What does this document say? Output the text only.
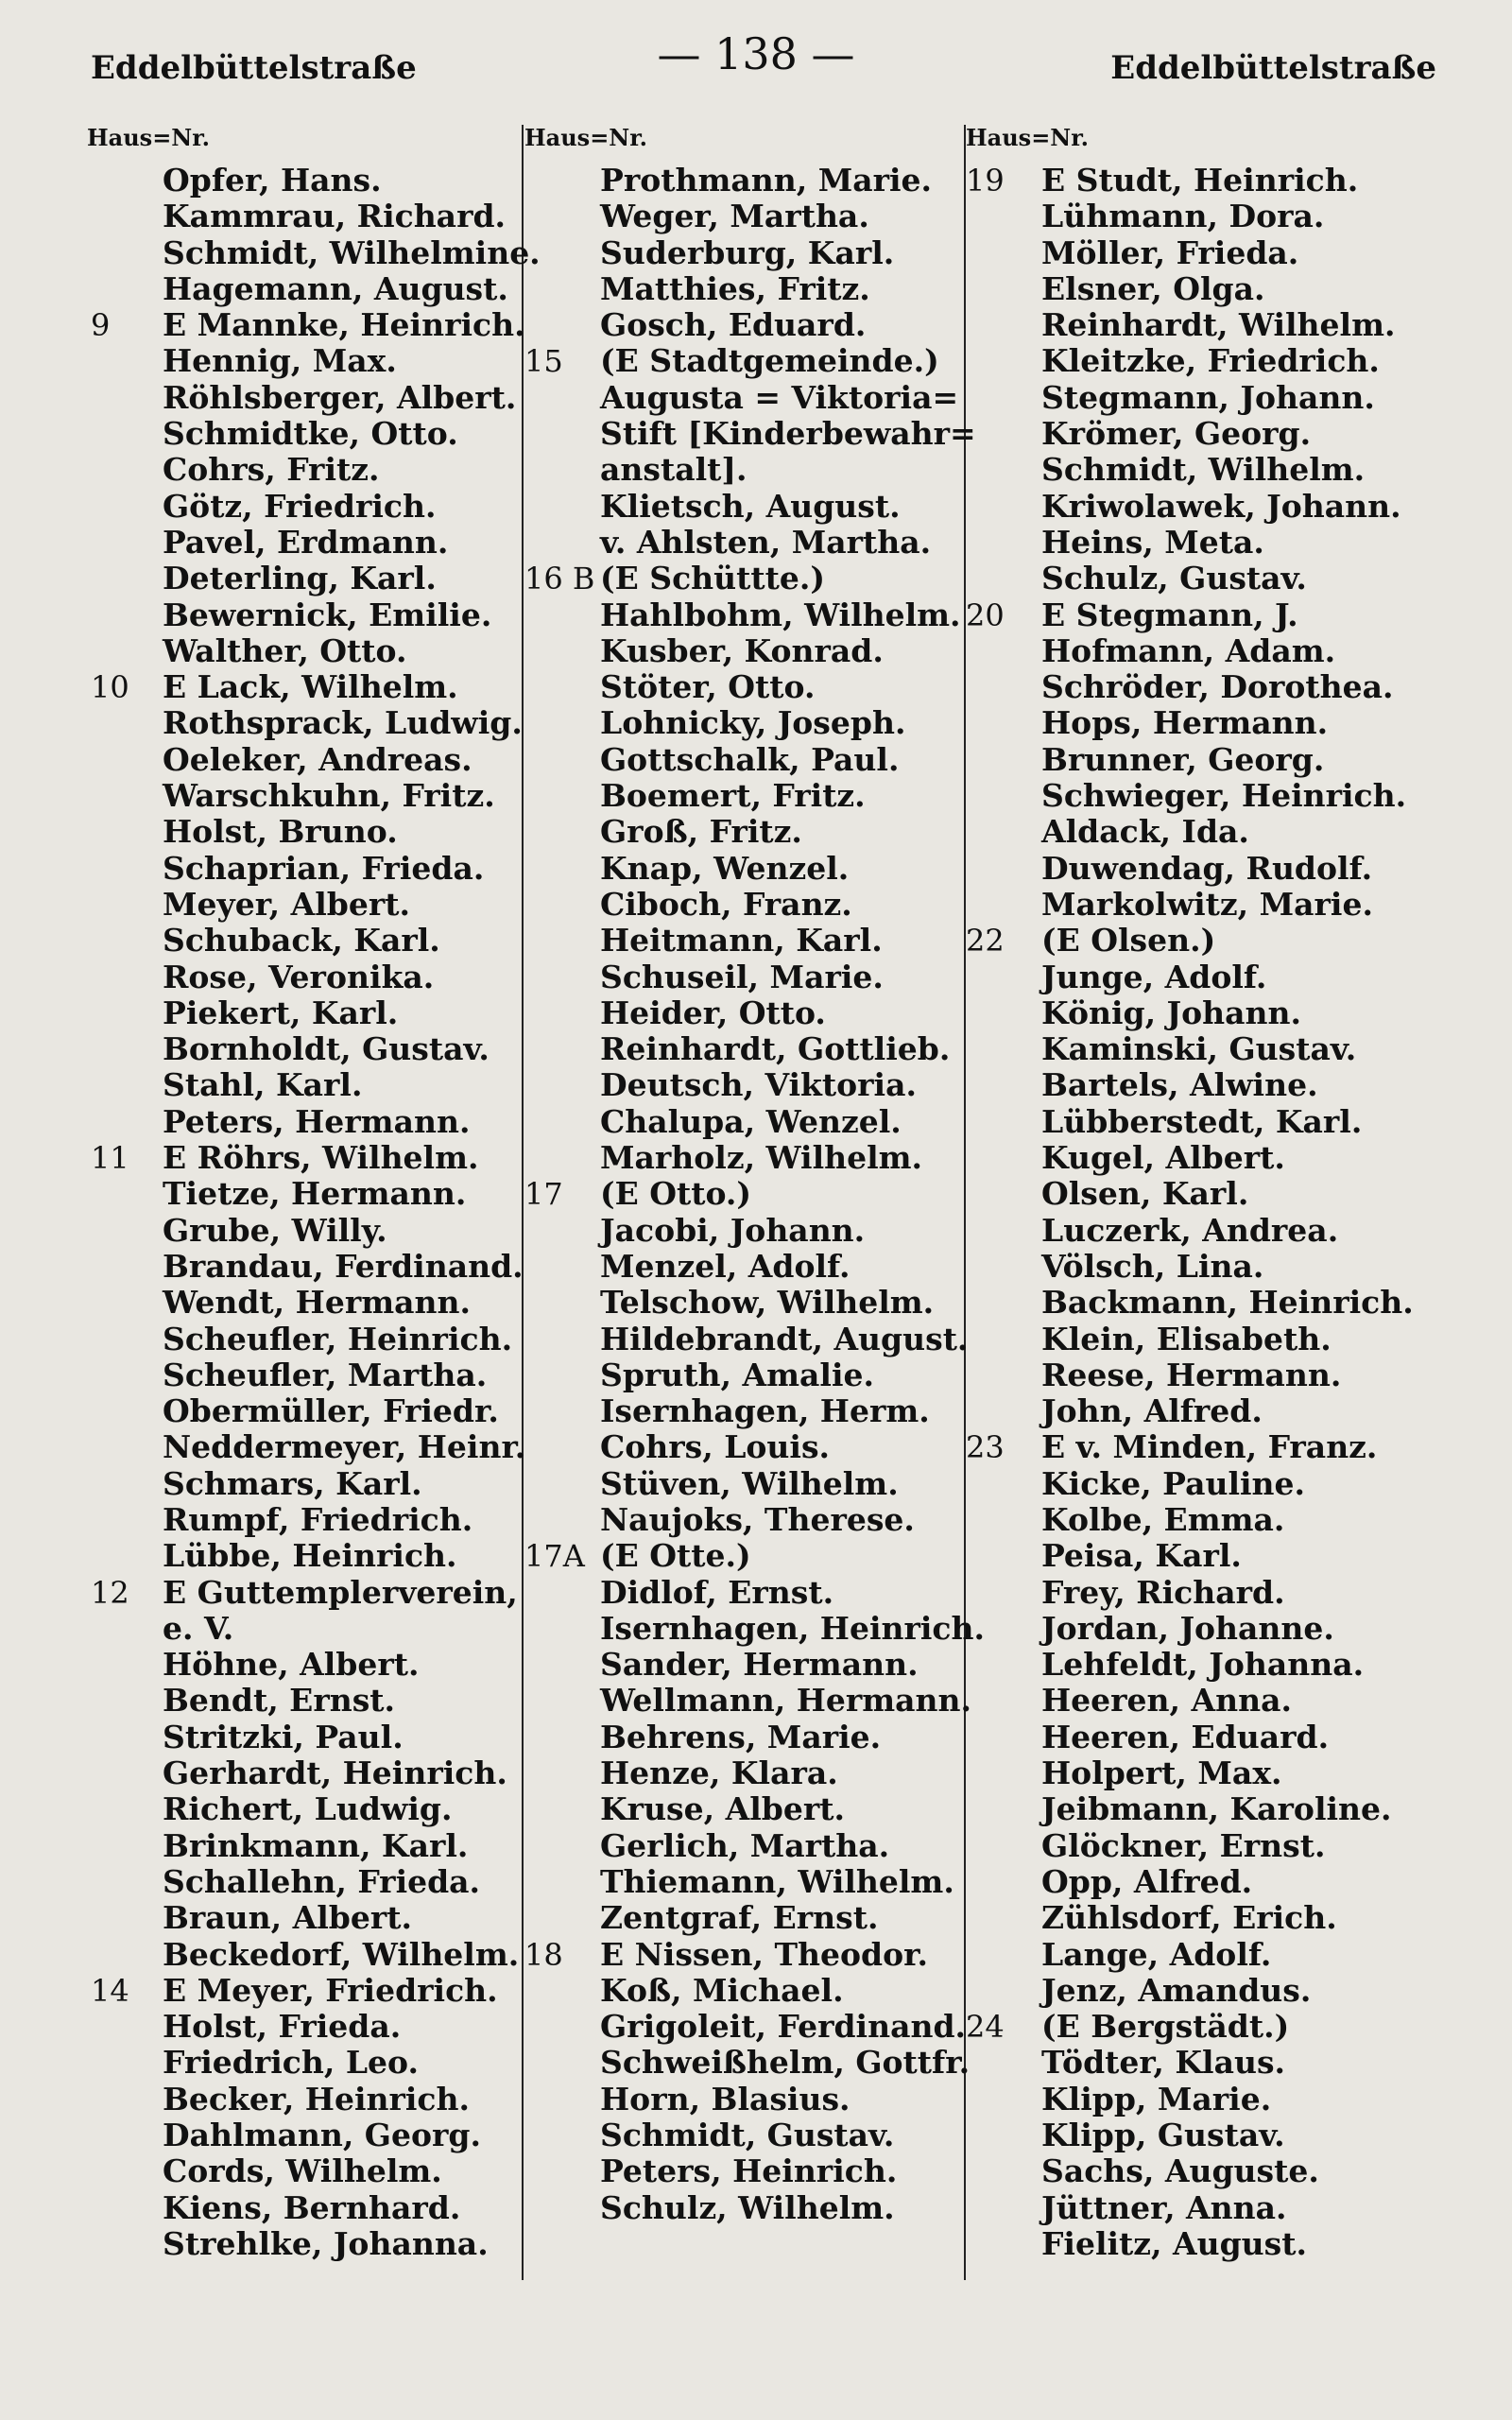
Eddelbüttelstraße	— 138 —	Eddelbüttelstraße
Haus=Nr.
Opfer, Hans.
Kammrau, Richard.
Schmidt, Wilhelmine.
Hagemann, August.
9	E Mannke, Heinrich.
Hennig, Max.
Röhlsberger, Albert.
Schmidtke, Otto.
Cohrs, Fritz.
Götz, Friedrich.
Pavel, Erdmann.
Deterling, Karl.
Bewernick, Emilie.
Walther, Otto.
10	E Lack, Wilhelm.
Rothsprack, Ludwig.
Oeleker, Andreas.
Warschkuhn, Fritz.
Holst, Bruno.
Schaprian, Frieda.
Meyer, Albert.
Schuback, Karl.
Rose, Veronika.
Piekert, Karl.
Bornholdt, Gustav.
Stahl, Karl.
Peters, Hermann.
11	E Röhrs, Wilhelm.
Tietze, Hermann.
Grube, Willy.
Brandau, Ferdinand.
Wendt, Hermann.
Scheufler, Heinrich.
Scheufler, Martha.
Obermüller, Friedr.
Neddermeyer, Heinr.
Schmars, Karl.
Rumpf, Friedrich.
Lübbe, Heinrich.
12	E Guttemplerverein,
e. V.
Höhne, Albert.
Bendt, Ernst.
Stritzki, Paul.
Gerhardt, Heinrich.
Richert, Ludwig.
Brinkmann, Karl.
Schallehn, Frieda.
Braun, Albert.
Beckedorf, Wilhelm.
14	E Meyer, Friedrich.
Holst, Frieda.
Friedrich, Leo.
Becker, Heinrich.
Dahlmann, Georg.
Cords, Wilhelm.
Kiens, Bernhard.
Strehlke, Johanna.
Haus=Nr.
Prothmann, Marie.
Weger, Martha.
Suderburg, Karl.
Matthies, Fritz.
Gosch, Eduard.
15	(E Stadtgemeinde.)
Augusta = Viktoria=
Stift [Kinderbewahr=
anstalt].
Klietsch, August.
v. Ahlsten, Martha.
16 B (E Schüttte.)
Hahlbohm, Wilhelm.
Kusber, Konrad.
Stöter, Otto.
Lohnicky, Joseph.
Gottschalk, Paul.
Boemert, Fritz.
Groß, Fritz.
Knap, Wenzel.
Ciboch, Franz.
Heitmann, Karl.
Schuseil, Marie.
Heider, Otto.
Reinhardt, Gottlieb.
Deutsch, Viktoria.
Chalupa, Wenzel.
Marholz, Wilhelm.
17	(E Otto.)
Jacobi, Johann.
Menzel, Adolf.
Telschow, Wilhelm.
Hildebrandt, August.
Spruth, Amalie.
Isernhagen, Herm.
Cohrs, Louis.
Stüven, Wilhelm.
Naujoks, Therese.
17A (E Otte.)
Didlof, Ernst.
Isernhagen, Heinrich.
Sander, Hermann.
Wellmann, Hermann.
Behrens, Marie.
Henze, Klara.
Kruse, Albert.
Gerlich, Martha.
Thiemann, Wilhelm.
Zentgraf, Ernst.
18	E Nissen, Theodor.
Koß, Michael.
Grigoleit, Ferdinand.
Schweißhelm, Gottfr.
Horn, Blasius.
Schmidt, Gustav.
Peters, Heinrich.
Schulz, Wilhelm.
Haus=Nr.
19	E Studt, Heinrich.
Lühmann, Dora.
Möller, Frieda.
Elsner, Olga.
Reinhardt, Wilhelm.
Kleitzke, Friedrich.
Stegmann, Johann.
Krömer, Georg.
Schmidt, Wilhelm.
Kriwolawek, Johann.
Heins, Meta.
Schulz, Gustav.
20	E Stegmann, J.
Hofmann, Adam.
Schröder, Dorothea.
Hops, Hermann.
Brunner, Georg.
Schwieger, Heinrich.
Aldack, Ida.
Duwendag, Rudolf.
Markolwitz, Marie.
22	(E Olsen.)
Junge, Adolf.
König, Johann.
Kaminski, Gustav.
Bartels, Alwine.
Lübberstedt, Karl.
Kugel, Albert.
Olsen, Karl.
Luczerk, Andrea.
Völsch, Lina.
Backmann, Heinrich.
Klein, Elisabeth.
Reese, Hermann.
John, Alfred.
23	E v. Minden, Franz.
Kicke, Pauline.
Kolbe, Emma.
Peisa, Karl.
Frey, Richard.
Jordan, Johanne.
Lehfeldt, Johanna.
Heeren, Anna.
Heeren, Eduard.
Holpert, Max.
Jeibmann, Karoline.
Glöckner, Ernst.
Opp, Alfred.
Zühlsdorf, Erich.
Lange, Adolf.
Jenz, Amandus.
24	(E Bergstädt.)
Tödter, Klaus.
Klipp, Marie.
Klipp, Gustav.
Sachs, Auguste.
Jüttner, Anna.
Fielitz, August.
